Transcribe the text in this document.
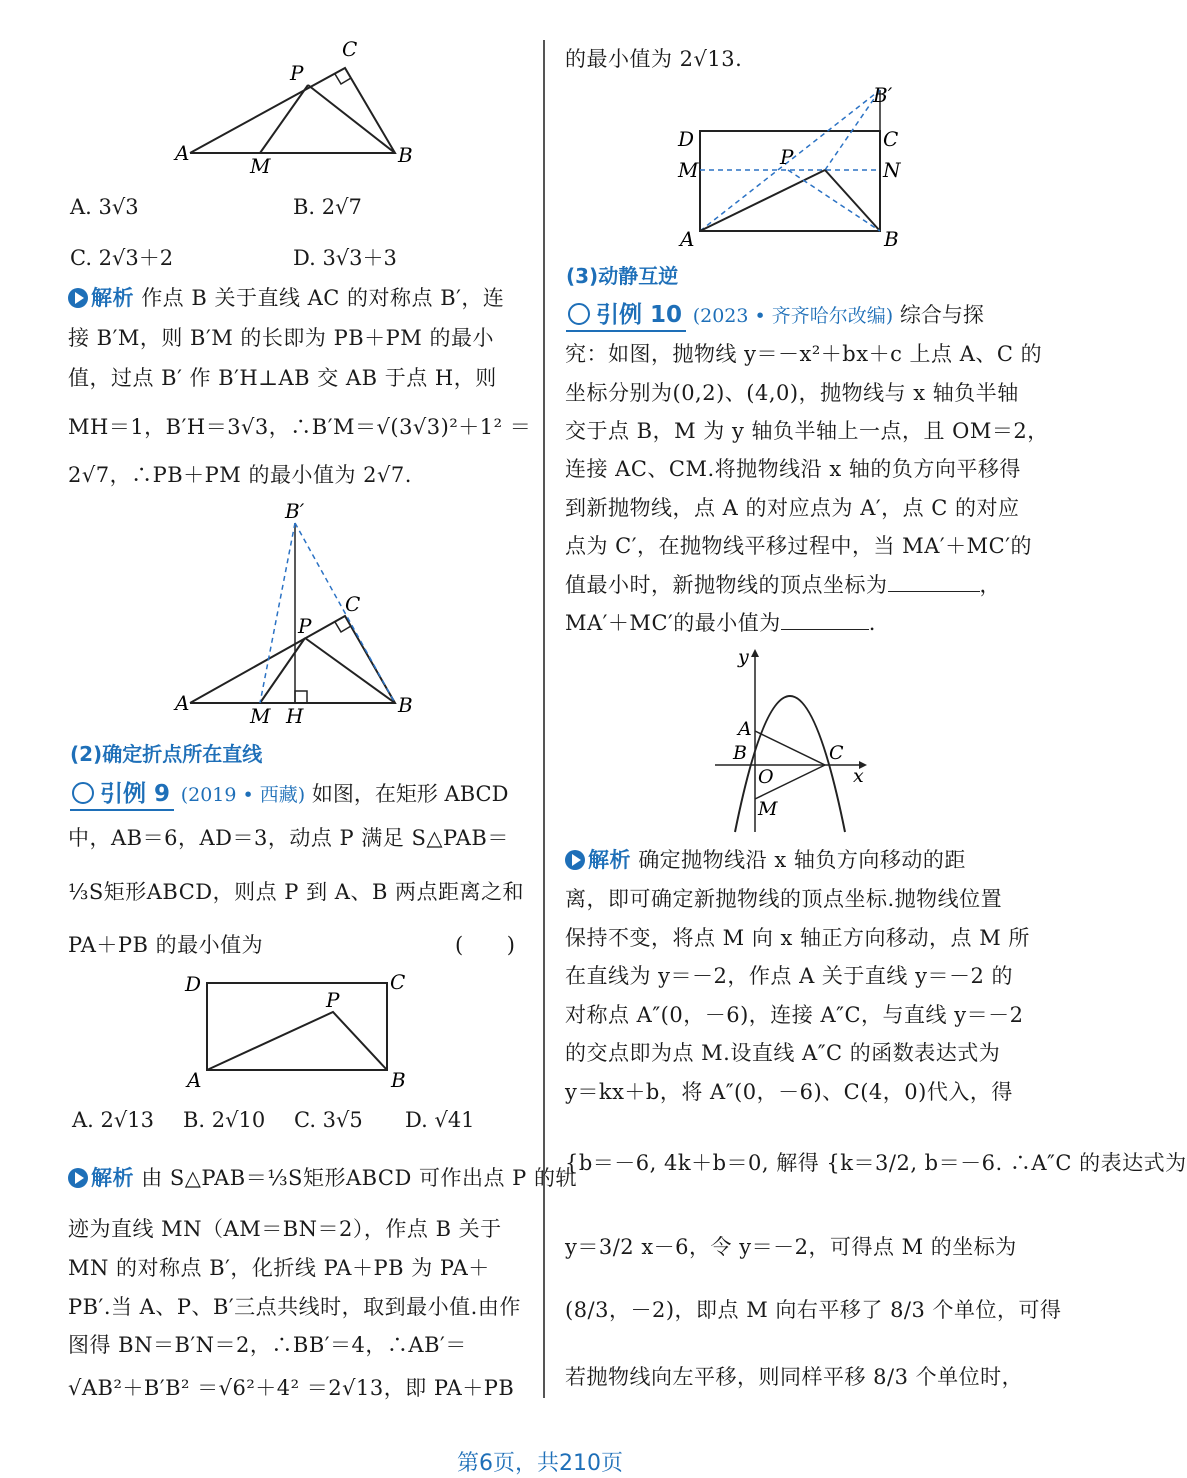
C
P
A
M	B
A. 3√3	B. 2√7
C. 2√3＋2	D. 3√3＋3
解析 作点 B 关于直线 AC 的对称点 B′，连
接 B′M，则 B′M 的长即为 PB＋PM 的最小
值，过点 B′ 作 B′H⊥AB 交 AB 于点 H，则
MH＝1，B′H＝3√3，∴B′M＝√(3√3)²＋1² ＝
2√7，∴PB＋PM 的最小值为 2√7.
B′
C
P
A
M H	B
(2)确定折点所在直线
引例 9 (2019 • 西藏) 如图，在矩形 ABCD
中，AB＝6，AD＝3，动点 P 满足 S△PAB＝
⅓S矩形ABCD，则点 P 到 A、B 两点距离之和
PA＋PB 的最小值为	(　　)
D	C
P
A	B
A. 2√13 B. 2√10 C. 3√5 D. √41
解析 由 S△PAB＝⅓S矩形ABCD 可作出点 P 的轨
迹为直线 MN（AM＝BN＝2），作点 B 关于
MN 的对称点 B′，化折线 PA＋PB 为 PA＋
PB′.当 A、P、B′三点共线时，取到最小值.由作
图得 BN＝B′N＝2，∴BB′＝4，∴AB′＝
√AB²＋B′B² ＝√6²＋4² ＝2√13，即 PA＋PB
的最小值为 2√13.
B′
D	C
M
P
N
A	B
(3)动静互逆
引例 10 (2023 • 齐齐哈尔改编) 综合与探
究：如图，抛物线 y＝－x²＋bx＋c 上点 A、C 的
坐标分别为(0,2)、(4,0)，抛物线与 x 轴负半轴
交于点 B，M 为 y 轴负半轴上一点，且 OM＝2，
连接 AC、CM.将抛物线沿 x 轴的负方向平移得
到新抛物线，点 A 的对应点为 A′，点 C 的对应
点为 C′，在抛物线平移过程中，当 MA′＋MC′的
值最小时，新抛物线的顶点坐标为	，
MA′＋MC′的最小值为	.
y
A
B
O
C
x
M
解析 确定抛物线沿 x 轴负方向移动的距
离，即可确定新抛物线的顶点坐标.抛物线位置
保持不变，将点 M 向 x 轴正方向移动，点 M 所
在直线为 y＝－2，作点 A 关于直线 y＝－2 的
对称点 A″(0，－6)，连接 A″C，与直线 y＝－2
的交点即为点 M.设直线 A″C 的函数表达式为
y＝kx＋b，将 A″(0，－6)、C(4，0)代入，得
{b＝－6, 4k＋b＝0, 解得 {k＝3/2, b＝－6. ∴A″C 的表达式为
y＝3/2 x－6，令 y＝－2，可得点 M 的坐标为
(8/3，－2)，即点 M 向右平移了 8/3 个单位，可得
若抛物线向左平移，则同样平移 8/3 个单位时，
第6页，共210页
